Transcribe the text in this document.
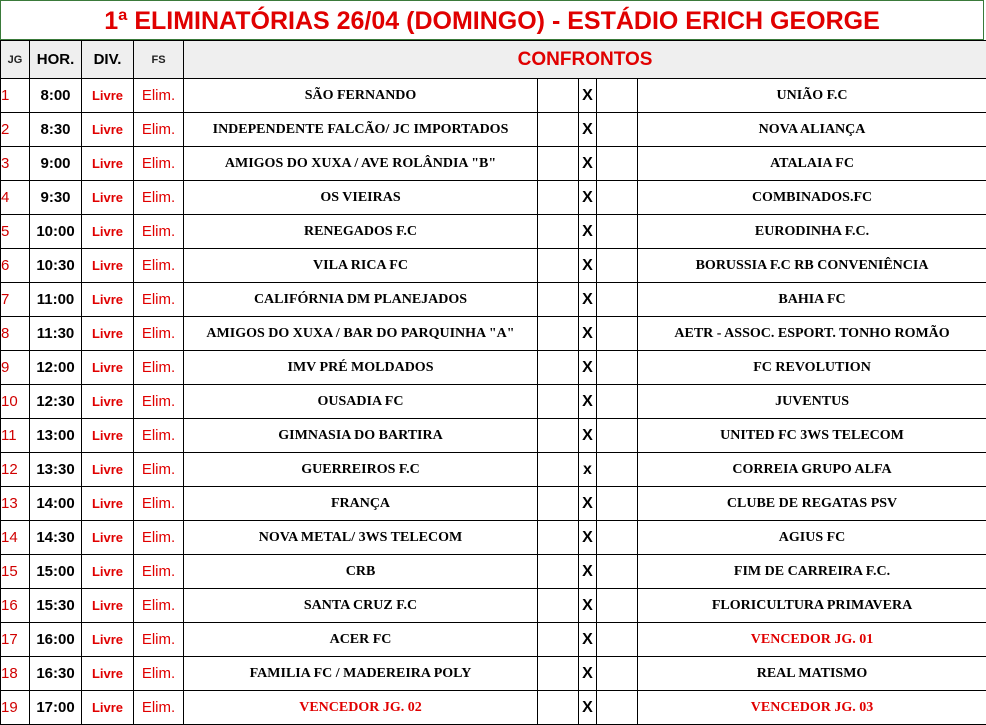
1ª ELIMINATÓRIAS 26/04 (DOMINGO) - ESTÁDIO ERICH GEORGE
JG	HOR.	DIV.	FS	CONFRONTOS				
1	8:00	Livre	Elim.	SÃO FERNANDO		X		UNIÃO F.C
2	8:30	Livre	Elim.	INDEPENDENTE FALCÃO/ JC IMPORTADOS		X		NOVA ALIANÇA
3	9:00	Livre	Elim.	AMIGOS DO XUXA / AVE ROLÂNDIA "B"		X		ATALAIA FC
4	9:30	Livre	Elim.	OS VIEIRAS		X		COMBINADOS.FC
5	10:00	Livre	Elim.	RENEGADOS F.C		X		EURODINHA F.C.
6	10:30	Livre	Elim.	VILA RICA FC		X		BORUSSIA F.C RB CONVENIÊNCIA
7	11:00	Livre	Elim.	CALIFÓRNIA DM PLANEJADOS		X		BAHIA FC
8	11:30	Livre	Elim.	AMIGOS DO XUXA / BAR DO PARQUINHA "A"		X		AETR - ASSOC. ESPORT. TONHO ROMÃO
9	12:00	Livre	Elim.	IMV PRÉ MOLDADOS		X		FC REVOLUTION
10	12:30	Livre	Elim.	OUSADIA FC		X		JUVENTUS
11	13:00	Livre	Elim.	GIMNASIA DO BARTIRA		X		UNITED FC 3WS TELECOM
12	13:30	Livre	Elim.	GUERREIROS F.C		x		CORREIA GRUPO ALFA
13	14:00	Livre	Elim.	FRANÇA		X		CLUBE DE REGATAS PSV
14	14:30	Livre	Elim.	NOVA METAL/ 3WS TELECOM		X		AGIUS FC
15	15:00	Livre	Elim.	CRB		X		FIM DE CARREIRA F.C.
16	15:30	Livre	Elim.	SANTA CRUZ F.C		X		FLORICULTURA PRIMAVERA
17	16:00	Livre	Elim.	ACER FC		X		VENCEDOR JG. 01
18	16:30	Livre	Elim.	FAMILIA FC / MADEREIRA POLY		X		REAL MATISMO
19	17:00	Livre	Elim.	VENCEDOR JG. 02		X		VENCEDOR JG. 03
